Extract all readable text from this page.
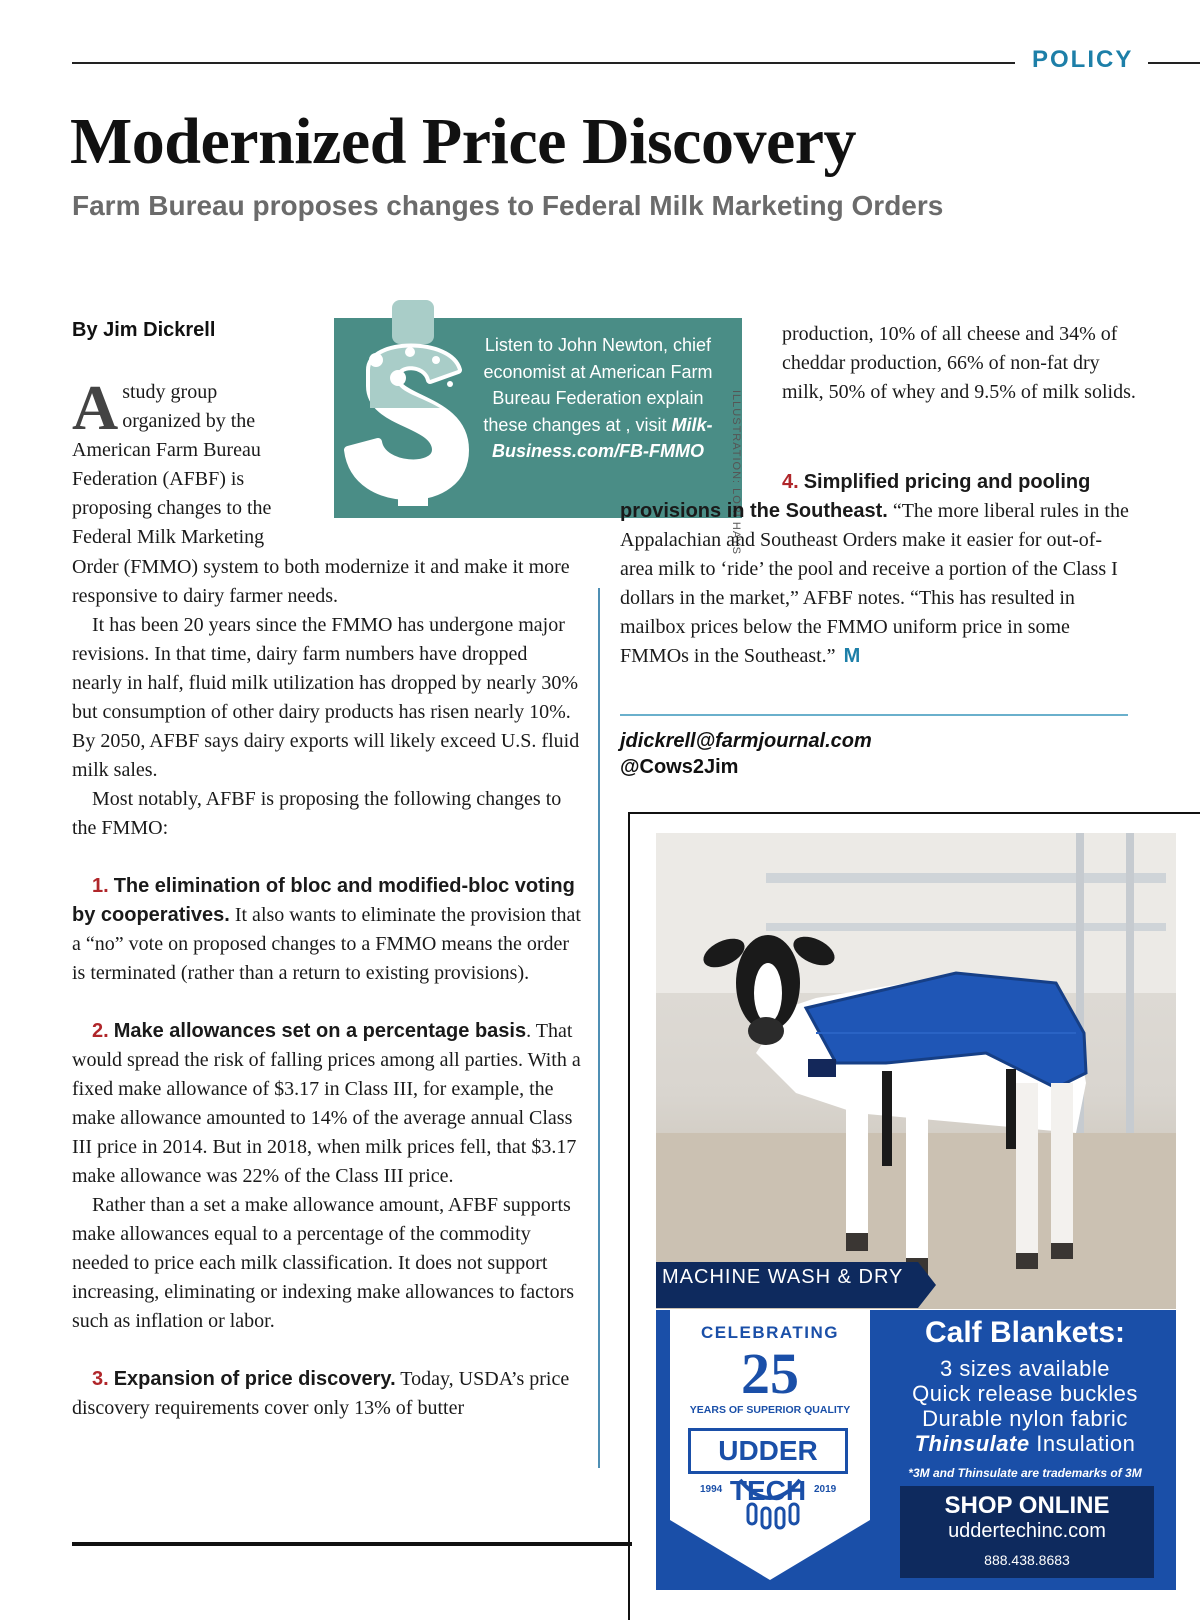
POLICY
Modernized Price Discovery
Farm Bureau proposes changes to Federal Milk Marketing Orders
By Jim Dickrell
A study group
organized by the
American Farm Bureau
Federation (AFBF) is
proposing changes to the
Federal Milk Marketing

Order (FMMO) system to both modernize it and make it more responsive to dairy farmer needs.

It has been 20 years since the FMMO has undergone major revisions. In that time, dairy farm numbers have dropped nearly in half, fluid milk utilization has dropped by nearly 30% but consumption of other dairy products has risen nearly 10%. By 2050, AFBF says dairy exports will likely exceed U.S. fluid milk sales.

Most notably, AFBF is proposing the following changes to the FMMO:

1. The elimination of bloc and modified-bloc voting by cooperatives. It also wants to eliminate the provision that a “no” vote on proposed changes to a FMMO means the order is terminated (rather than a return to existing provisions).

2. Make allowances set on a percentage basis. That would spread the risk of falling prices among all parties. With a fixed make allowance of $3.17 in Class III, for example, the make allowance amounted to 14% of the average annual Class III price in 2014. But in 2018, when milk prices fell, that $3.17 make allowance was 22% of the Class III price.

Rather than a set a make allowance amount, AFBF supports make allowances equal to a percentage of the commodity needed to price each milk classification. It does not support increasing, eliminating or indexing make allowances to factors such as inflation or labor.

3. Expansion of price discovery. Today, USDA’s price discovery requirements cover only 13% of butter

Listen to John Newton, chief economist at American Farm Bureau Federation explain these changes at , visit Milk-Business.com/FB-FMMO	ILLUSTRATION: LORI HAYS
production, 10% of all cheese and 34% of cheddar production, 66% of non-fat dry milk, 50% of whey and 9.5% of milk solids.

4. Simplified pricing and pooling provisions in the Southeast. “The more liberal rules in the Appalachian and Southeast Orders make it easier for out-of-area milk to ‘ride’ the pool and receive a portion of the Class I dollars in the market,” AFBF notes. “This has resulted in mailbox prices below the FMMO uniform price in some FMMOs in the Southeast.” M

jdickrell@farmjournal.com
@Cows2Jim
MACHINE WASH & DRY
CELEBRATING
25
YEARS OF SUPERIOR QUALITY
UDDER TECH
1994	2019
Calf Blankets:
3 sizes available
Quick release buckles
Durable nylon fabric
Thinsulate Insulation
*3M and Thinsulate are trademarks of 3M
SHOP ONLINE
uddertechinc.com
888.438.8683
